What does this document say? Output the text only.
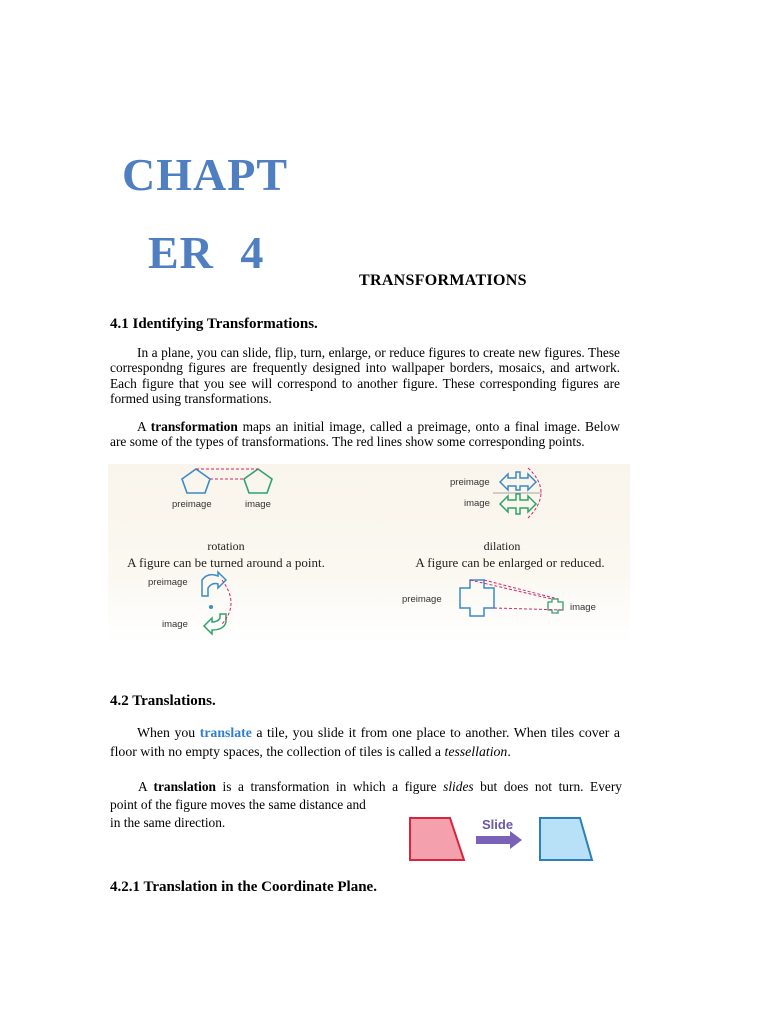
CHAPT
ER 4
TRANSFORMATIONS
4.1 Identifying Transformations.

In a plane, you can slide, flip, turn, enlarge, or reduce figures to create new figures. These correspondng figures are frequently designed into wallpaper borders, mosaics, and artwork. Each figure that you see will correspond to another figure. These corresponding figures are formed using transformations.

A transformation maps an initial image, called a preimage, onto a final image. Below are some of the types of transformations. The red lines show some corresponding points.

preimage	image
preimage
image
rotation
A figure can be turned around a point.
dilation
A figure can be enlarged or reduced.
preimage
image
preimage
image
4.2 Translations.

When you translate a tile, you slide it from one place to another. When tiles cover a floor with no empty spaces, the collection of tiles is called a tessellation.

A translation is a transformation in which a figure slides but does not turn. Every
point of the figure moves the same distance and
in the same direction.	Slide
4.2.1 Translation in the Coordinate Plane.
